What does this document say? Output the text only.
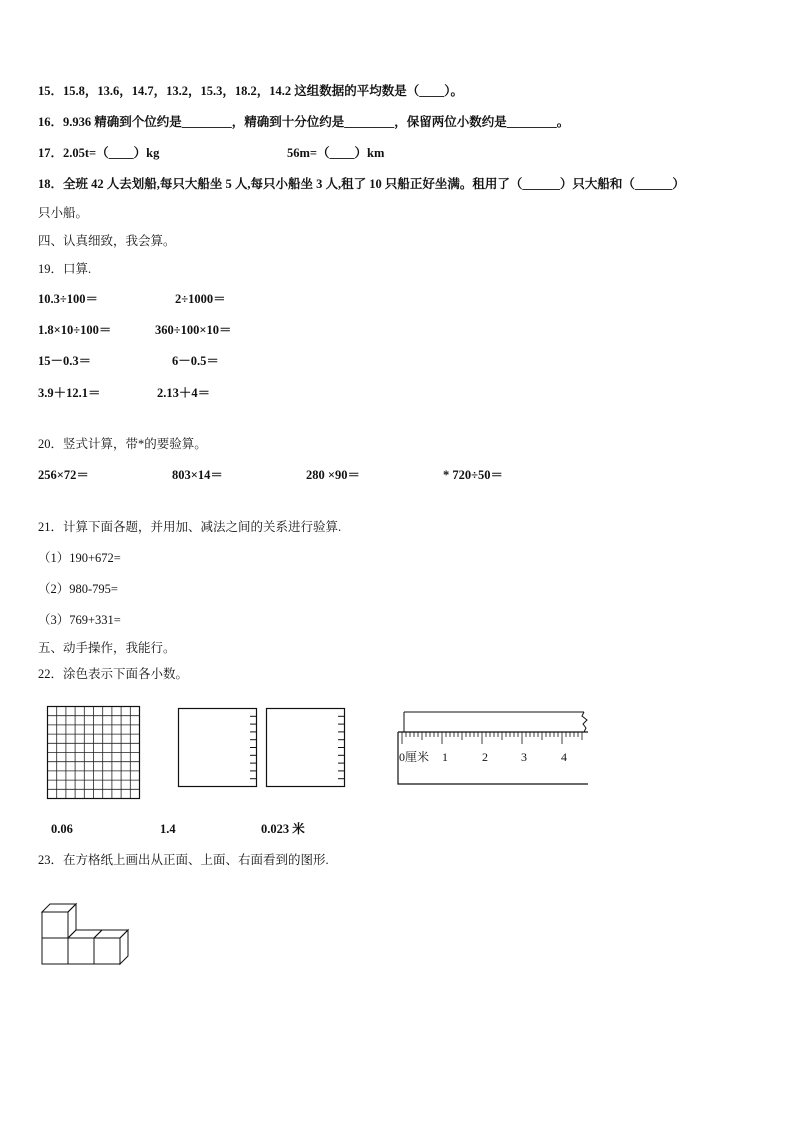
15．15.8，13.6，14.7，13.2，15.3，18.2，14.2 这组数据的平均数是（____）。
16．9.936 精确到个位约是________，精确到十分位约是________，保留两位小数约是________。
17．2.05t=（____）kg	56m=（____）km
18．全班 42 人去划船,每只大船坐 5 人,每只小船坐 3 人,租了 10 只船正好坐满。租用了（______）只大船和（______）
只小船。
四、认真细致，我会算。
19．口算.
10.3÷100＝	2÷1000＝
1.8×10÷100＝	360÷100×10＝
15－0.3＝	6－0.5＝
3.9＋12.1＝	2.13＋4＝
20．竖式计算，带*的要验算。
256×72＝	803×14＝	280 ×90＝	* 720÷50＝
21．计算下面各题，并用加、减法之间的关系进行验算.
（1）190+672=
（2）980-795=
（3）769+331=
五、动手操作，我能行。
22．涂色表示下面各小数。
0厘米 1	2	3	4
0.06	1.4	0.023 米
23．在方格纸上画出从正面、上面、右面看到的图形.
